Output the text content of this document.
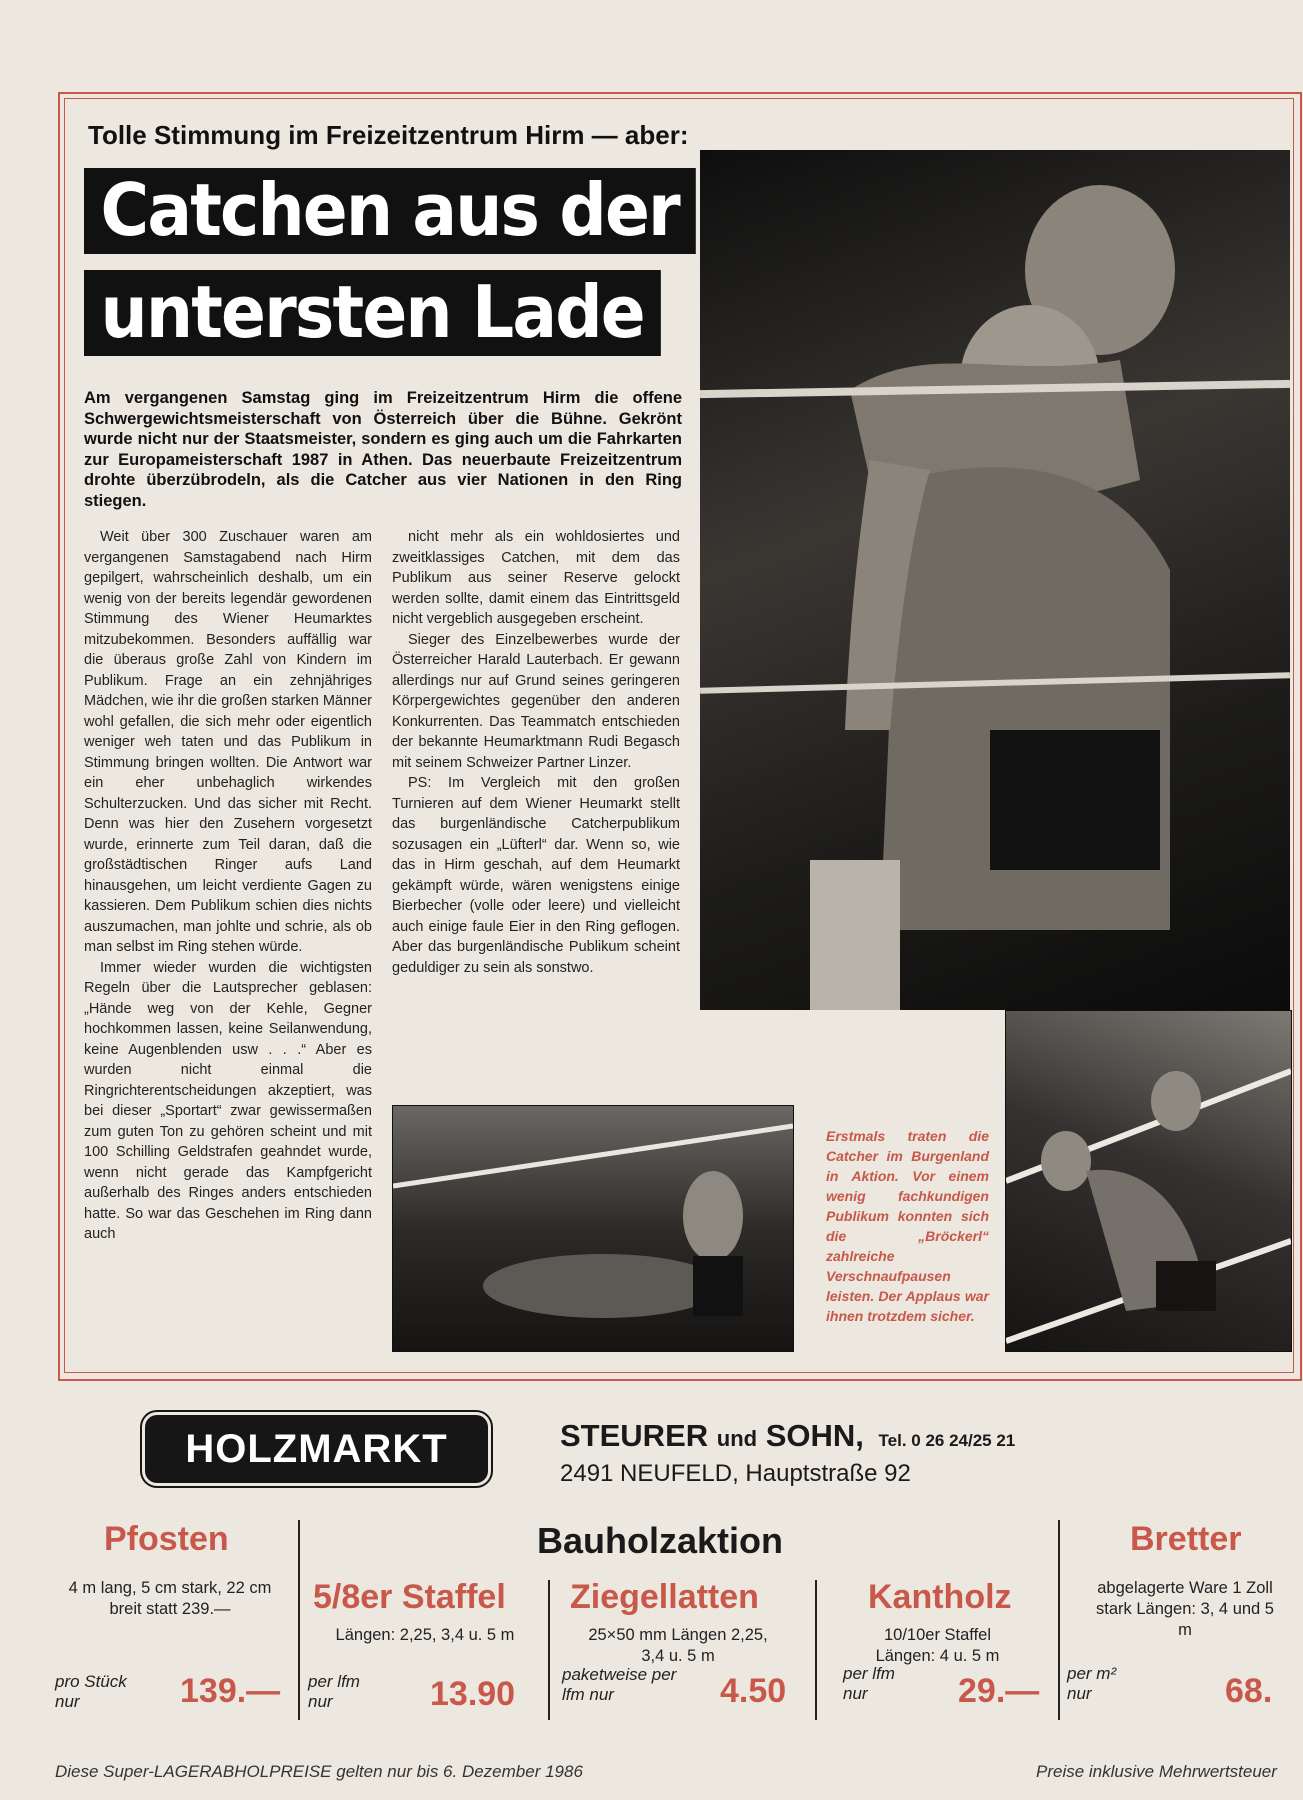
Tolle Stimmung im Freizeitzentrum Hirm — aber:
Catchen aus der
untersten Lade
Am vergangenen Samstag ging im Freizeitzentrum Hirm die offene Schwergewichtsmeisterschaft von Österreich über die Bühne. Gekrönt wurde nicht nur der Staatsmeister, sondern es ging auch um die Fahrkarten zur Europameisterschaft 1987 in Athen. Das neuerbaute Freizeitzentrum drohte überzübrodeln, als die Catcher aus vier Nationen in den Ring stiegen.

Weit über 300 Zuschauer waren am vergangenen Samstagabend nach Hirm gepilgert, wahrscheinlich deshalb, um ein wenig von der bereits legendär gewordenen Stimmung des Wiener Heumarktes mitzubekommen. Besonders auffällig war die überaus große Zahl von Kindern im Publikum. Frage an ein zehnjähriges Mädchen, wie ihr die großen starken Männer wohl gefallen, die sich mehr oder eigentlich weniger weh taten und das Publikum in Stimmung bringen wollten. Die Antwort war ein eher unbehaglich wirkendes Schulterzucken. Und das sicher mit Recht. Denn was hier den Zusehern vorgesetzt wurde, erinnerte zum Teil daran, daß die großstädtischen Ringer aufs Land hinausgehen, um leicht verdiente Gagen zu kassieren. Dem Publikum schien dies nichts auszumachen, man johlte und schrie, als ob man selbst im Ring stehen würde.

Immer wieder wurden die wichtigsten Regeln über die Lautsprecher geblasen: „Hände weg von der Kehle, Gegner hochkommen lassen, keine Seilanwendung, keine Augenblenden usw . . .“ Aber es wurden nicht einmal die Ringrichterentscheidungen akzeptiert, was bei dieser „Sportart“ zwar gewissermaßen zum guten Ton zu gehören scheint und mit 100 Schilling Geldstrafen geahndet wurde, wenn nicht gerade das Kampfgericht außerhalb des Ringes anders entschieden hatte. So war das Geschehen im Ring dann auch

nicht mehr als ein wohldosiertes und zweitklassiges Catchen, mit dem das Publikum aus seiner Reserve gelockt werden sollte, damit einem das Eintrittsgeld nicht vergeblich ausgegeben erscheint.

Sieger des Einzelbewerbes wurde der Österreicher Harald Lauterbach. Er gewann allerdings nur auf Grund seines geringeren Körpergewichtes gegenüber den anderen Konkurrenten. Das Teammatch entschieden der bekannte Heumarktmann Rudi Begasch mit seinem Schweizer Partner Linzer.

PS: Im Vergleich mit den großen Turnieren auf dem Wiener Heumarkt stellt das burgenländische Catcherpublikum sozusagen ein „Lüfterl“ dar. Wenn so, wie das in Hirm geschah, auf dem Heumarkt gekämpft würde, wären wenigstens einige Bierbecher (volle oder leere) und vielleicht auch einige faule Eier in den Ring geflogen. Aber das burgenländische Publikum scheint geduldiger zu sein als sonstwo.

Erstmals traten die Catcher im Burgenland in Aktion. Vor einem wenig fachkundigen Publikum konnten sich die „Bröckerl“ zahlreiche Verschnaufpausen leisten. Der Applaus war ihnen trotzdem sicher.
HOLZMARKT	STEURER und SOHN, Tel. 0 26 24/25 21
2491 NEUFELD, Hauptstraße 92
Bauholzaktion
Pfosten
4 m lang, 5 cm stark, 22 cm breit statt 239.—
pro Stück nur	139.—
5/8er Staffel
Längen: 2,25, 3,4 u. 5 m
per lfm nur	13.90
Ziegellatten
25×50 mm Längen 2,25, 3,4 u. 5 m
paketweise per lfm nur	4.50
Kantholz
10/10er Staffel Längen: 4 u. 5 m
per lfm nur	29.—
Bretter
abgelagerte Ware 1 Zoll stark Längen: 3, 4 und 5 m
per m² nur	68.
Diese Super-LAGERABHOLPREISE gelten nur bis 6. Dezember 1986	Preise inklusive Mehrwertsteuer
